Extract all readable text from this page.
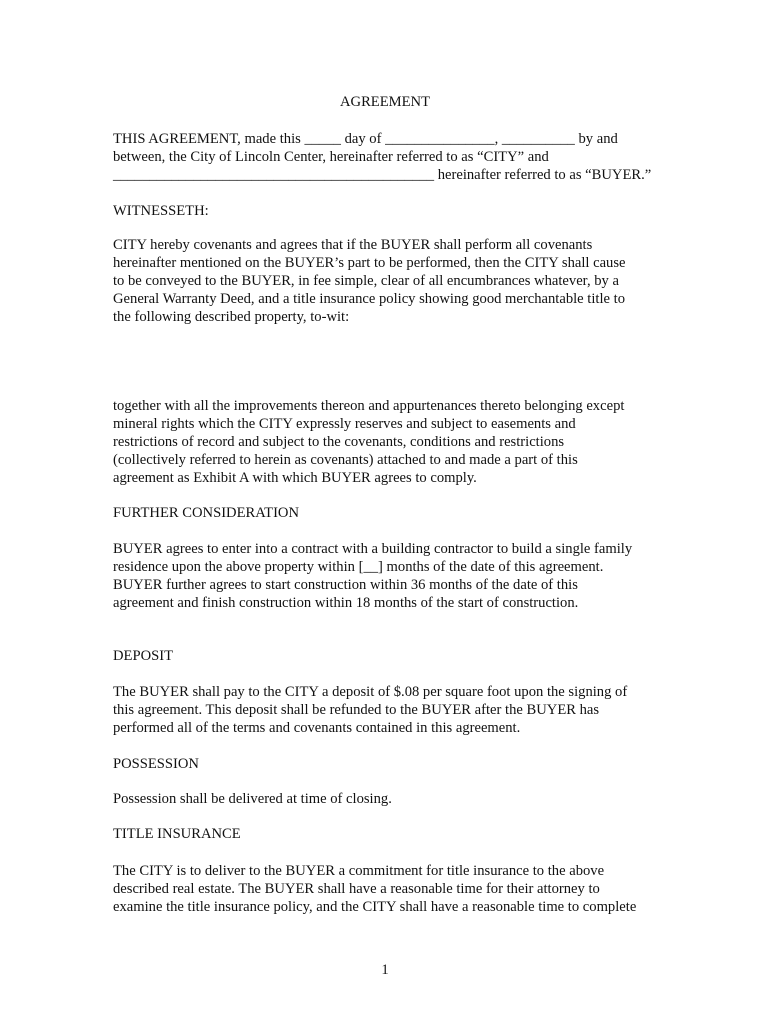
AGREEMENT
THIS AGREEMENT, made this _____ day of _______________, __________ by and
between, the City of Lincoln Center, hereinafter referred to as “CITY” and
____________________________________________ hereinafter referred to as “BUYER.”
WITNESSETH:
CITY hereby covenants and agrees that if the BUYER shall perform all covenants
hereinafter mentioned on the BUYER’s part to be performed, then the CITY shall cause
to be conveyed to the BUYER, in fee simple, clear of all encumbrances whatever, by a
General Warranty Deed, and a title insurance policy showing good merchantable title to
the following described property, to-wit:
together with all the improvements thereon and appurtenances thereto belonging except
mineral rights which the CITY expressly reserves and subject to easements and
restrictions of record and subject to the covenants, conditions and restrictions
(collectively referred to herein as covenants) attached to and made a part of this
agreement as Exhibit A with which BUYER agrees to comply.
FURTHER CONSIDERATION
BUYER agrees to enter into a contract with a building contractor to build a single family
residence upon the above property within [__] months of the date of this agreement.
BUYER further agrees to start construction within 36 months of the date of this
agreement and finish construction within 18 months of the start of construction.
DEPOSIT
The BUYER shall pay to the CITY a deposit of $.08 per square foot upon the signing of
this agreement. This deposit shall be refunded to the BUYER after the BUYER has
performed all of the terms and covenants contained in this agreement.
POSSESSION
Possession shall be delivered at time of closing.
TITLE INSURANCE
The CITY is to deliver to the BUYER a commitment for title insurance to the above
described real estate. The BUYER shall have a reasonable time for their attorney to
examine the title insurance policy, and the CITY shall have a reasonable time to complete
1
